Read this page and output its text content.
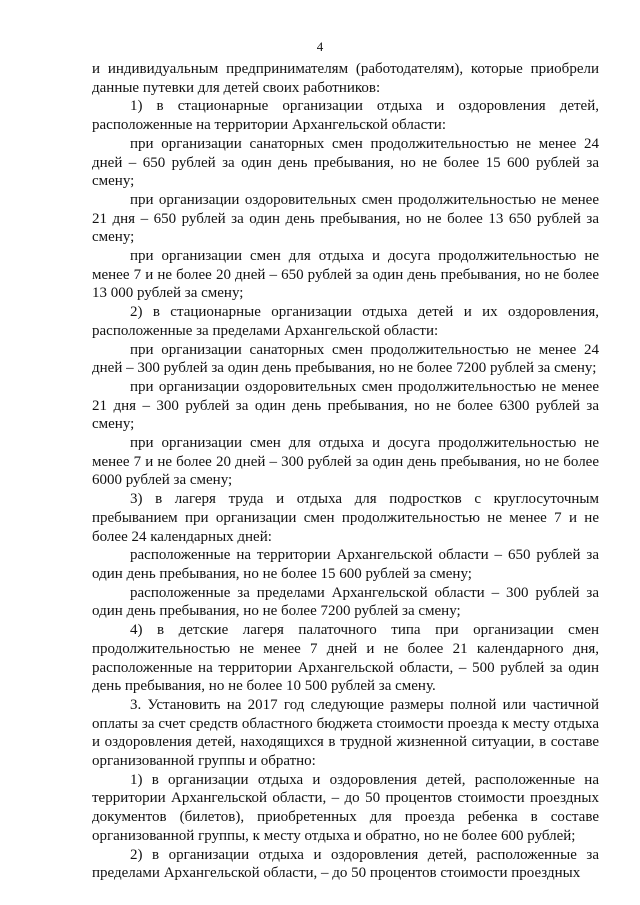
4

и индивидуальным предпринимателям (работодателям), которые приобрели данные путевки для детей своих работников:

1) в стационарные организации отдыха и оздоровления детей, расположенные на территории Архангельской области:

при организации санаторных смен продолжительностью не менее 24 дней – 650 рублей за один день пребывания, но не более 15 600 рублей за смену;

при организации оздоровительных смен продолжительностью не менее 21 дня – 650 рублей за один день пребывания, но не более 13 650 рублей за смену;

при организации смен для отдыха и досуга продолжительностью не менее 7 и не более 20 дней – 650 рублей за один день пребывания, но не более 13 000 рублей за смену;

2) в стационарные организации отдыха детей и их оздоровления, расположенные за пределами Архангельской области:

при организации санаторных смен продолжительностью не менее 24 дней – 300 рублей за один день пребывания, но не более 7200 рублей за смену;

при организации оздоровительных смен продолжительностью не менее 21 дня – 300 рублей за один день пребывания, но не более 6300 рублей за смену;

при организации смен для отдыха и досуга продолжительностью не менее 7 и не более 20 дней – 300 рублей за один день пребывания, но не более 6000 рублей за смену;

3) в лагеря труда и отдыха для подростков с круглосуточным пребыванием при организации смен продолжительностью не менее 7 и не более 24 календарных дней:

расположенные на территории Архангельской области – 650 рублей за один день пребывания, но не более 15 600 рублей за смену;

расположенные за пределами Архангельской области – 300 рублей за один день пребывания, но не более 7200 рублей за смену;

4) в детские лагеря палаточного типа при организации смен продолжительностью не менее 7 дней и не более 21 календарного дня, расположенные на территории Архангельской области, – 500 рублей за один день пребывания, но не более 10 500 рублей за смену.

3. Установить на 2017 год следующие размеры полной или частичной оплаты за счет средств областного бюджета стоимости проезда к месту отдыха и оздоровления детей, находящихся в трудной жизненной ситуации, в составе организованной группы и обратно:

1) в организации отдыха и оздоровления детей, расположенные на территории Архангельской области, – до 50 процентов стоимости проездных документов (билетов), приобретенных для проезда ребенка в составе организованной группы, к месту отдыха и обратно, но не более 600 рублей;

2) в организации отдыха и оздоровления детей, расположенные за пределами Архангельской области, – до 50 процентов стоимости проездных
